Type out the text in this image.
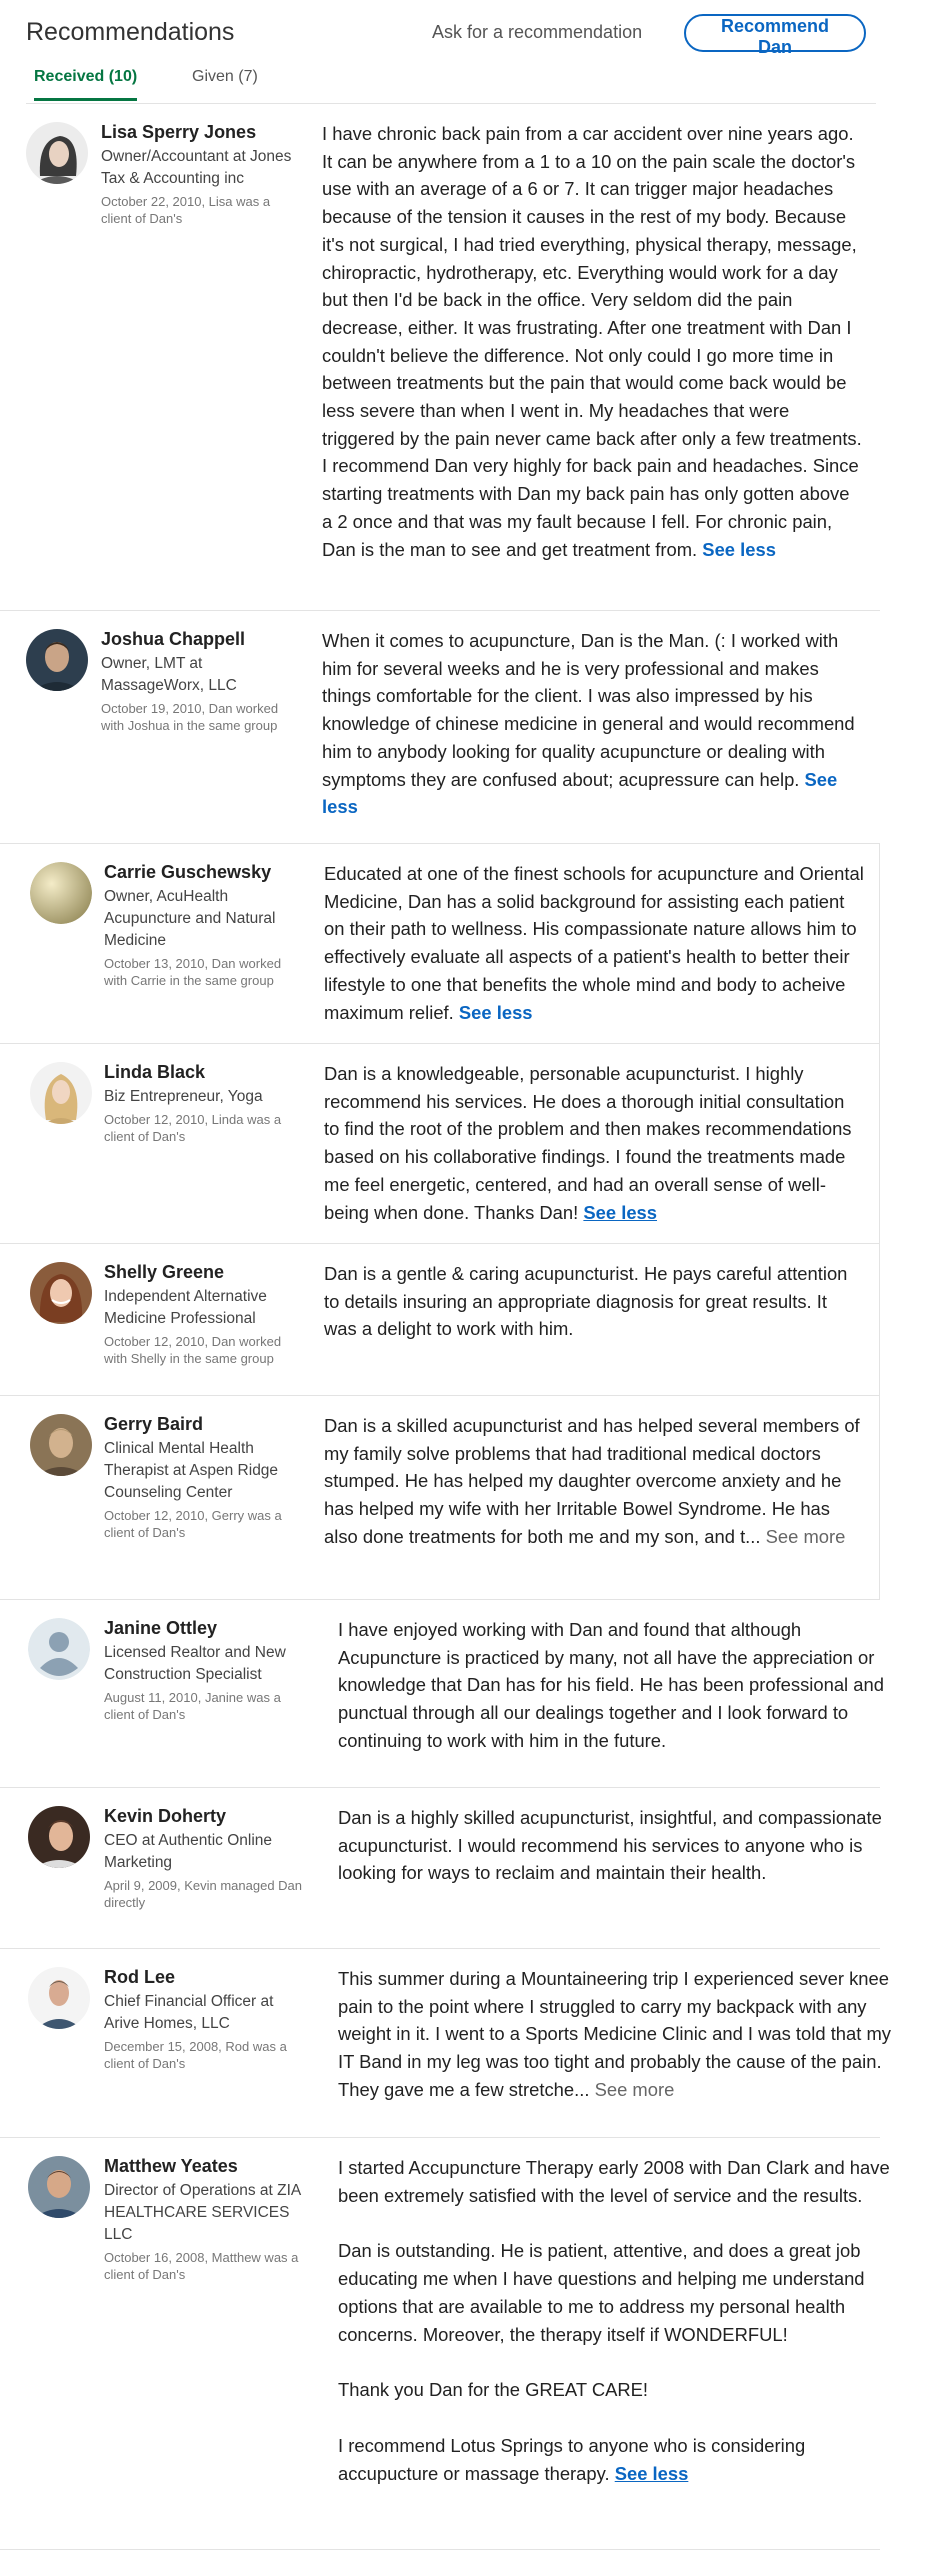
Recommendations	Ask for a recommendation	Recommend Dan
Received (10)	Given (7)
Lisa Sperry Jones
Owner/Accountant at Jones Tax & Accounting inc
October 22, 2010, Lisa was a client of Dan's

I have chronic back pain from a car accident over nine years ago. It can be anywhere from a 1 to a 10 on the pain scale the doctor's use with an average of a 6 or 7. It can trigger major headaches because of the tension it causes in the rest of my body. Because it's not surgical, I had tried everything, physical therapy, message, chiropractic, hydrotherapy, etc. Everything would work for a day but then I'd be back in the office. Very seldom did the pain decrease, either. It was frustrating. After one treatment with Dan I couldn't believe the difference. Not only could I go more time in between treatments but the pain that would come back would be less severe than when I went in. My headaches that were triggered by the pain never came back after only a few treatments. I recommend Dan very highly for back pain and headaches. Since starting treatments with Dan my back pain has only gotten above a 2 once and that was my fault because I fell. For chronic pain, Dan is the man to see and get treatment from. See less

Joshua Chappell
Owner, LMT at MassageWorx, LLC
October 19, 2010, Dan worked with Joshua in the same group

When it comes to acupuncture, Dan is the Man. (: I worked with him for several weeks and he is very professional and makes things comfortable for the client. I was also impressed by his knowledge of chinese medicine in general and would recommend him to anybody looking for quality acupuncture or dealing with symptoms they are confused about; acupressure can help. See less

Carrie Guschewsky
Owner, AcuHealth Acupuncture and Natural Medicine
October 13, 2010, Dan worked with Carrie in the same group

Educated at one of the finest schools for acupuncture and Oriental Medicine, Dan has a solid background for assisting each patient on their path to wellness. His compassionate nature allows him to effectively evaluate all aspects of a patient's health to better their lifestyle to one that benefits the whole mind and body to acheive maximum relief. See less

Linda Black
Biz Entrepreneur, Yoga
October 12, 2010, Linda was a client of Dan's

Dan is a knowledgeable, personable acupuncturist. I highly recommend his services. He does a thorough initial consultation to find the root of the problem and then makes recommendations based on his collaborative findings. I found the treatments made me feel energetic, centered, and had an overall sense of well-being when done. Thanks Dan! See less

Shelly Greene
Independent Alternative Medicine Professional
October 12, 2010, Dan worked with Shelly in the same group

Dan is a gentle & caring acupuncturist. He pays careful attention to details insuring an appropriate diagnosis for great results. It was a delight to work with him.

Gerry Baird
Clinical Mental Health Therapist at Aspen Ridge Counseling Center
October 12, 2010, Gerry was a client of Dan's

Dan is a skilled acupuncturist and has helped several members of my family solve problems that had traditional medical doctors stumped. He has helped my daughter overcome anxiety and he has helped my wife with her Irritable Bowel Syndrome. He has also done treatments for both me and my son, and t... See more

Janine Ottley
Licensed Realtor and New Construction Specialist
August 11, 2010, Janine was a client of Dan's

I have enjoyed working with Dan and found that although Acupuncture is practiced by many, not all have the appreciation or knowledge that Dan has for his field. He has been professional and punctual through all our dealings together and I look forward to continuing to work with him in the future.

Kevin Doherty
CEO at Authentic Online Marketing
April 9, 2009, Kevin managed Dan directly

Dan is a highly skilled acupuncturist, insightful, and compassionate acupuncturist. I would recommend his services to anyone who is looking for ways to reclaim and maintain their health.

Rod Lee
Chief Financial Officer at Arive Homes, LLC
December 15, 2008, Rod was a client of Dan's

This summer during a Mountaineering trip I experienced sever knee pain to the point where I struggled to carry my backpack with any weight in it. I went to a Sports Medicine Clinic and I was told that my IT Band in my leg was too tight and probably the cause of the pain. They gave me a few stretche... See more

Matthew Yeates
Director of Operations at ZIA HEALTHCARE SERVICES LLC
October 16, 2008, Matthew was a client of Dan's

I started Accupuncture Therapy early 2008 with Dan Clark and have been extremely satisfied with the level of service and the results.

Dan is outstanding. He is patient, attentive, and does a great job educating me when I have questions and helping me understand options that are available to me to address my personal health concerns. Moreover, the therapy itself if WONDERFUL!

Thank you Dan for the GREAT CARE!

I recommend Lotus Springs to anyone who is considering accupucture or massage therapy. See less
